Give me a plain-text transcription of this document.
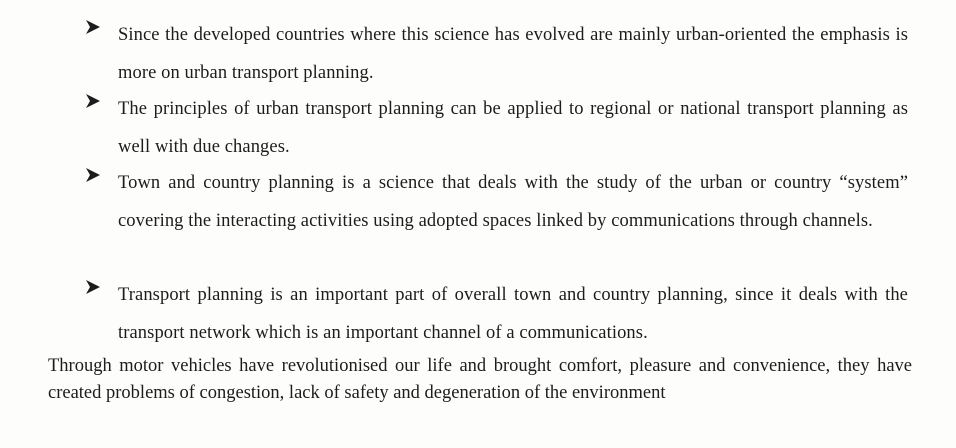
Since the developed countries where this science has evolved are mainly urban-oriented the emphasis is more on urban transport planning.
The principles of urban transport planning can be applied to regional or national transport planning as well with due changes.
Town and country planning is a science that deals with the study of the urban or country “system” covering the interacting activities using adopted spaces linked by communications through channels.
Transport planning is an important part of overall town and country planning, since it deals with the transport network which is an important channel of a communications.
Through motor vehicles have revolutionised our life and brought comfort, pleasure and convenience, they have created problems of congestion, lack of safety and degeneration of the environment
